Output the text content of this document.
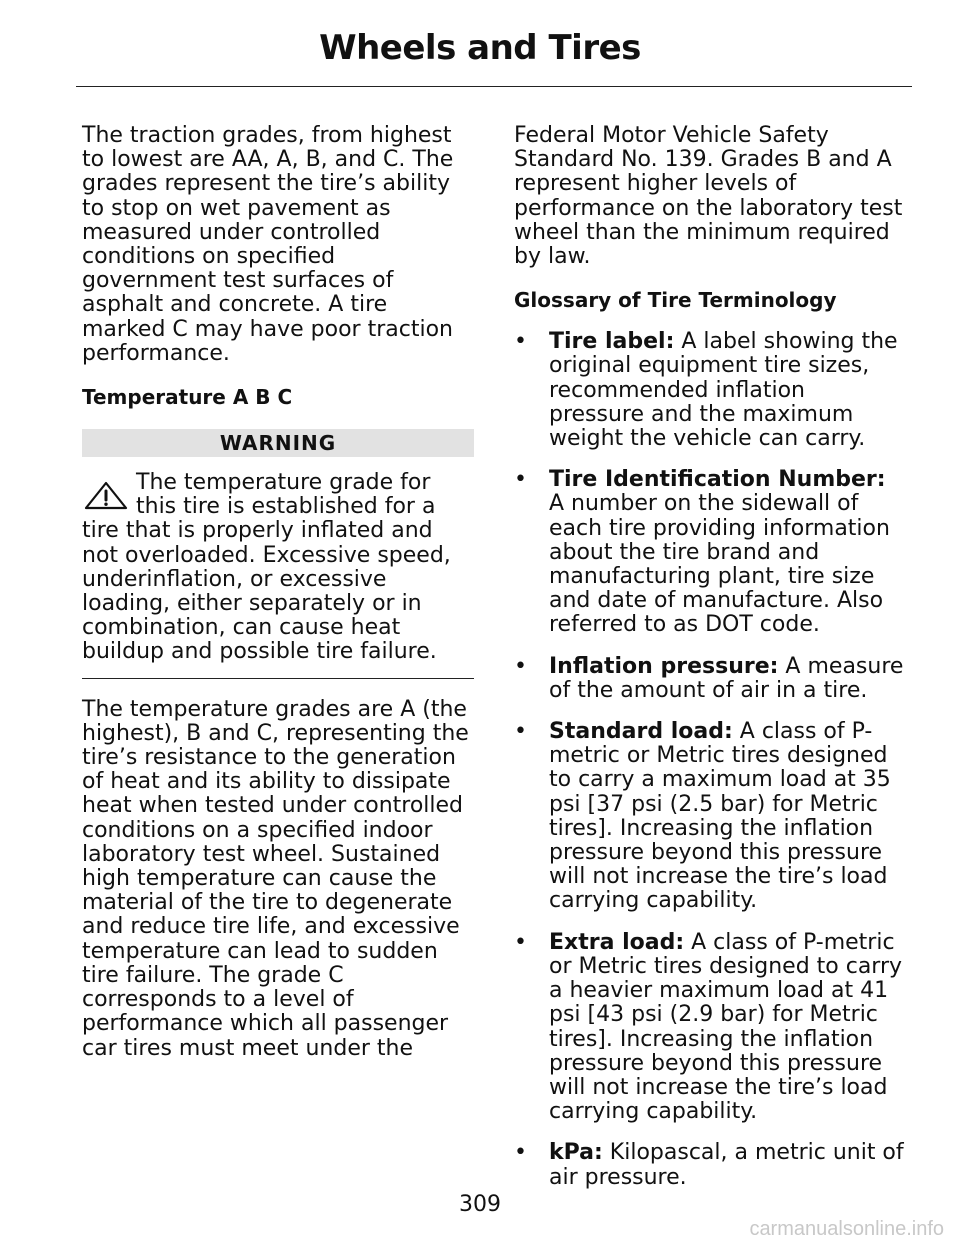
Wheels and Tires

The traction grades, from highest to lowest are AA, A, B, and C. The grades represent the tire’s ability to stop on wet pavement as measured under controlled conditions on specified government test surfaces of asphalt and concrete. A tire marked C may have poor traction performance.

Temperature A B C
WARNING
The temperature grade for this tire is established for a tire that is properly inflated and not overloaded. Excessive speed, underinflation, or excessive loading, either separately or in combination, can cause heat buildup and possible tire failure.

The temperature grades are A (the highest), B and C, representing the tire’s resistance to the generation of heat and its ability to dissipate heat when tested under controlled conditions on a specified indoor laboratory test wheel. Sustained high temperature can cause the material of the tire to degenerate and reduce tire life, and excessive temperature can lead to sudden tire failure. The grade C corresponds to a level of performance which all passenger car tires must meet under the

Federal Motor Vehicle Safety Standard No. 139. Grades B and A represent higher levels of performance on the laboratory test wheel than the minimum required by law.

Glossary of Tire Terminology
• Tire label: A label showing the original equipment tire sizes, recommended inflation pressure and the maximum weight the vehicle can carry.
• Tire Identification Number: A number on the sidewall of each tire providing information about the tire brand and manufacturing plant, tire size and date of manufacture. Also referred to as DOT code.
• Inflation pressure: A measure of the amount of air in a tire.
• Standard load: A class of P-metric or Metric tires designed to carry a maximum load at 35 psi [37 psi (2.5 bar) for Metric tires]. Increasing the inflation pressure beyond this pressure will not increase the tire’s load carrying capability.
• Extra load: A class of P-metric or Metric tires designed to carry a heavier maximum load at 41 psi [43 psi (2.9 bar) for Metric tires]. Increasing the inflation pressure beyond this pressure will not increase the tire’s load carrying capability.
• kPa: Kilopascal, a metric unit of air pressure.
309
carmanualsonline.info
